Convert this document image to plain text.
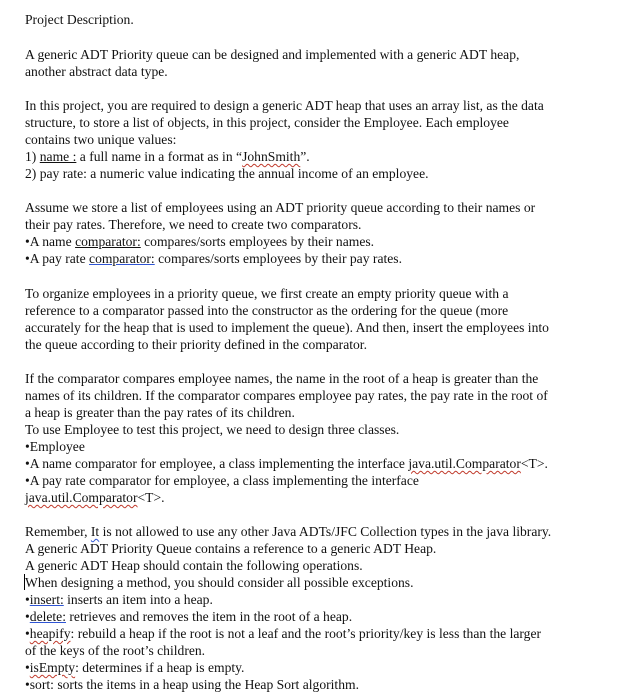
Project Description.
A generic ADT Priority queue can be designed and implemented with a generic ADT heap,
another abstract data type.
In this project, you are required to design a generic ADT heap that uses an array list, as the data
structure, to store a list of objects, in this project, consider the Employee. Each employee
contains two unique values:
1) name : a full name in a format as in “JohnSmith”.
2) pay rate: a numeric value indicating the annual income of an employee.
Assume we store a list of employees using an ADT priority queue according to their names or
their pay rates. Therefore, we need to create two comparators.
•A name comparator: compares/sorts employees by their names.
•A pay rate comparator: compares/sorts employees by their pay rates.
To organize employees in a priority queue, we first create an empty priority queue with a
reference to a comparator passed into the constructor as the ordering for the queue (more
accurately for the heap that is used to implement the queue). And then, insert the employees into
the queue according to their priority defined in the comparator.
If the comparator compares employee names, the name in the root of a heap is greater than the
names of its children. If the comparator compares employee pay rates, the pay rate in the root of
a heap is greater than the pay rates of its children.
To use Employee to test this project, we need to design three classes.
•Employee
•A name comparator for employee, a class implementing the interface java.util.Comparator<T>.
•A pay rate comparator for employee, a class implementing the interface
java.util.Comparator<T>.
Remember, It is not allowed to use any other Java ADTs/JFC Collection types in the java library.
A generic ADT Priority Queue contains a reference to a generic ADT Heap.
A generic ADT Heap should contain the following operations.
When designing a method, you should consider all possible exceptions.
•insert: inserts an item into a heap.
•delete: retrieves and removes the item in the root of a heap.
•heapify: rebuild a heap if the root is not a leaf and the root’s priority/key is less than the larger
of the keys of the root’s children.
•isEmpty: determines if a heap is empty.
•sort: sorts the items in a heap using the Heap Sort algorithm.
